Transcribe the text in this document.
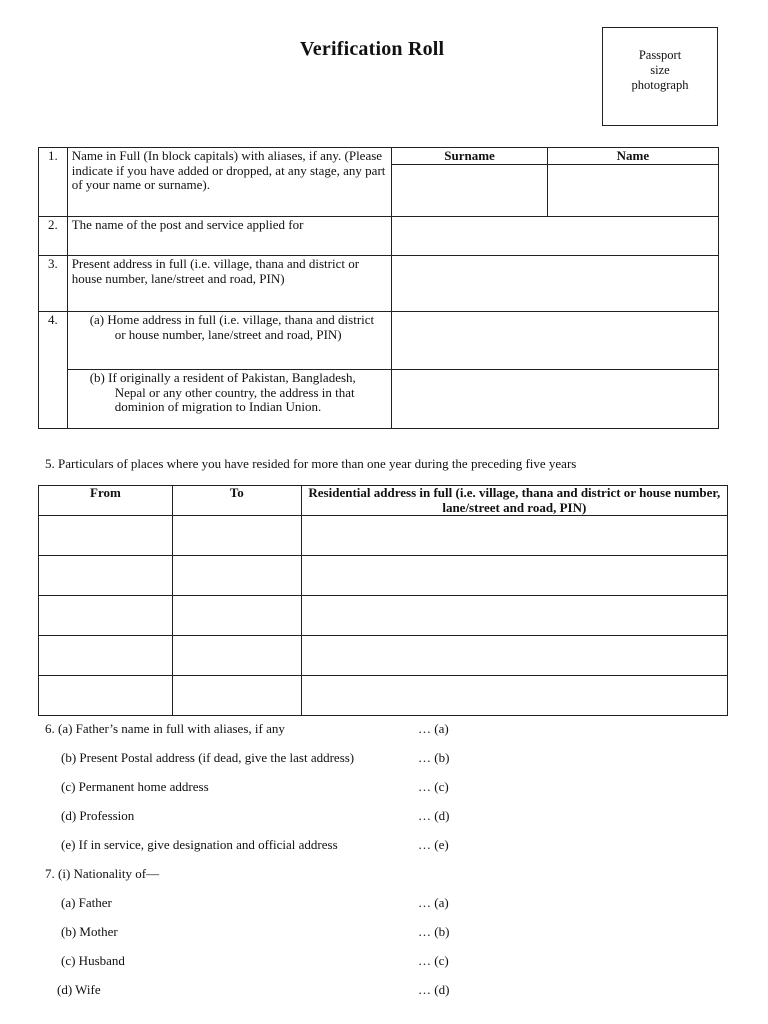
Verification Roll	Passport
size
photograph
1.	Name in Full (In block capitals) with aliases, if any. (Please indicate if you have added or dropped, at any stage, any part of your name or surname).	Surname	Name

2.	The name of the post and service applied for		
3.	Present address in full (i.e. village, thana and district or house number, lane/street and road, PIN)		
4.	(a) Home address in full (i.e. village, thana and district or house number, lane/street and road, PIN)		
	(b) If originally a resident of Pakistan, Bangladesh, Nepal or any other country, the address in that dominion of migration to Indian Union.		
5. Particulars of places where you have resided for more than one year during the preceding five years
From	To	Residential address in full (i.e. village, thana and district or house number, lane/street and road, PIN)

6. (a) Father’s name in full with aliases, if any	… (a)
(b) Present Postal address (if dead, give the last address)	… (b)
(c) Permanent home address	… (c)
(d) Profession	… (d)
(e) If in service, give designation and official address	… (e)
7. (i) Nationality of—
(a) Father	… (a)
(b) Mother	… (b)
(c) Husband	… (c)
(d) Wife	… (d)
